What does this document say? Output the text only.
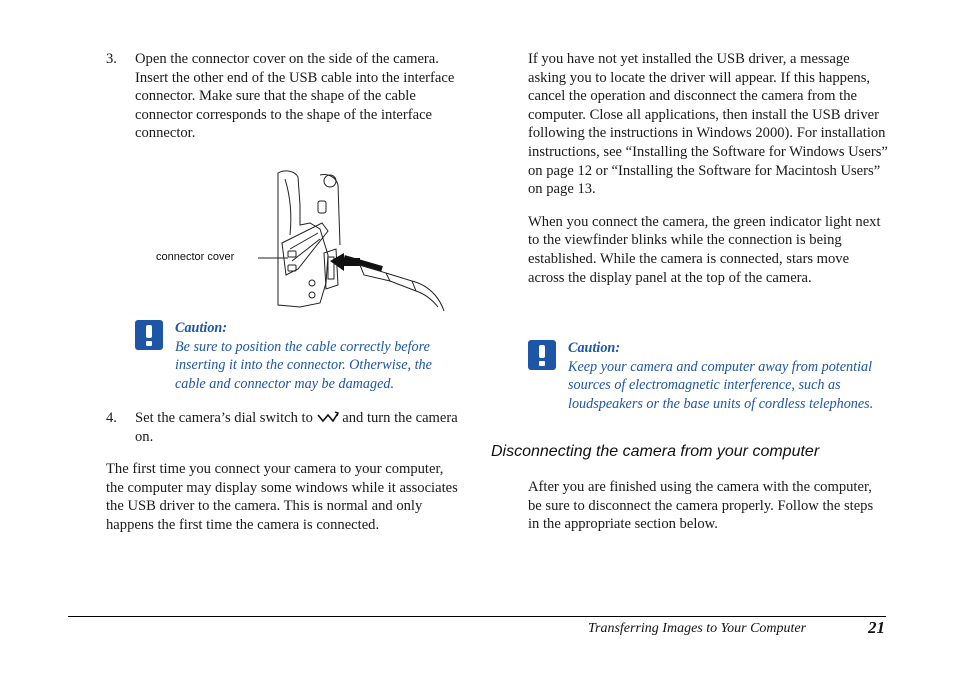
3. Open the connector cover on the side of the camera. Insert the other end of the USB cable into the interface connector. Make sure that the shape of the cable connector corresponds to the shape of the interface connector.

connector cover
Caution:
Be sure to position the cable correctly before inserting it into the connector. Otherwise, the cable and connector may be damaged.
4. Set the camera’s dial switch to and turn the camera on.

The first time you connect your camera to your computer, the computer may display some windows while it associates the USB driver to the camera. This is normal and only happens the first time the camera is connected.

If you have not yet installed the USB driver, a message asking you to locate the driver will appear. If this happens, cancel the operation and disconnect the camera from the computer. Close all applications, then install the USB driver following the instructions in Windows 2000). For installation instructions, see “Installing the Software for Windows Users” on page 12 or “Installing the Software for Macintosh Users” on page 13.

When you connect the camera, the green indicator light next to the viewfinder blinks while the connection is being established. While the camera is connected, stars move across the display panel at the top of the camera.

Caution:
Keep your camera and computer away from potential sources of electromagnetic interference, such as loudspeakers or the base units of cordless telephones.
Disconnecting the camera from your computer

After you are finished using the camera with the computer, be sure to disconnect the camera properly. Follow the steps in the appropriate section below.

Transferring Images to Your Computer	21
